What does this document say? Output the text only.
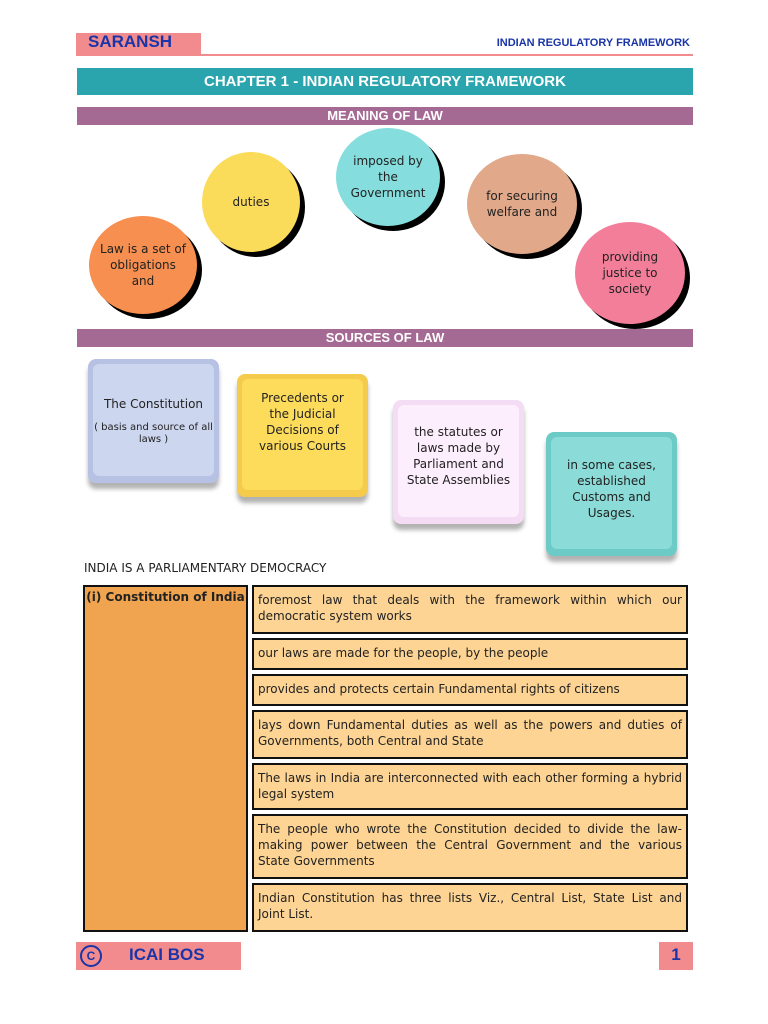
SARANSH	INDIAN REGULATORY FRAMEWORK
CHAPTER 1 - INDIAN REGULATORY FRAMEWORK
MEANING OF LAW
Law is a set of obligations and
duties
imposed by the Government	for securing welfare and
providing justice to society
SOURCES OF LAW
The Constitution
( basis and source of all laws )
Precedents or the Judicial Decisions of various Courts
the statutes or laws made by Parliament and State Assemblies
in some cases, established Customs and Usages.
INDIA IS A PARLIAMENTARY DEMOCRACY
(i) Constitution of India	foremost law that deals with the framework within which our democratic system works
our laws are made for the people, by the people
provides and protects certain Fundamental rights of citizens
lays down Fundamental duties as well as the powers and duties of Governments, both Central and State
The laws in India are interconnected with each other forming a hybrid legal system
The people who wrote the Constitution decided to divide the law-making power between the Central Government and the various State Governments
Indian Constitution has three lists Viz., Central List, State List and Joint List.
C	ICAI BOS	1
